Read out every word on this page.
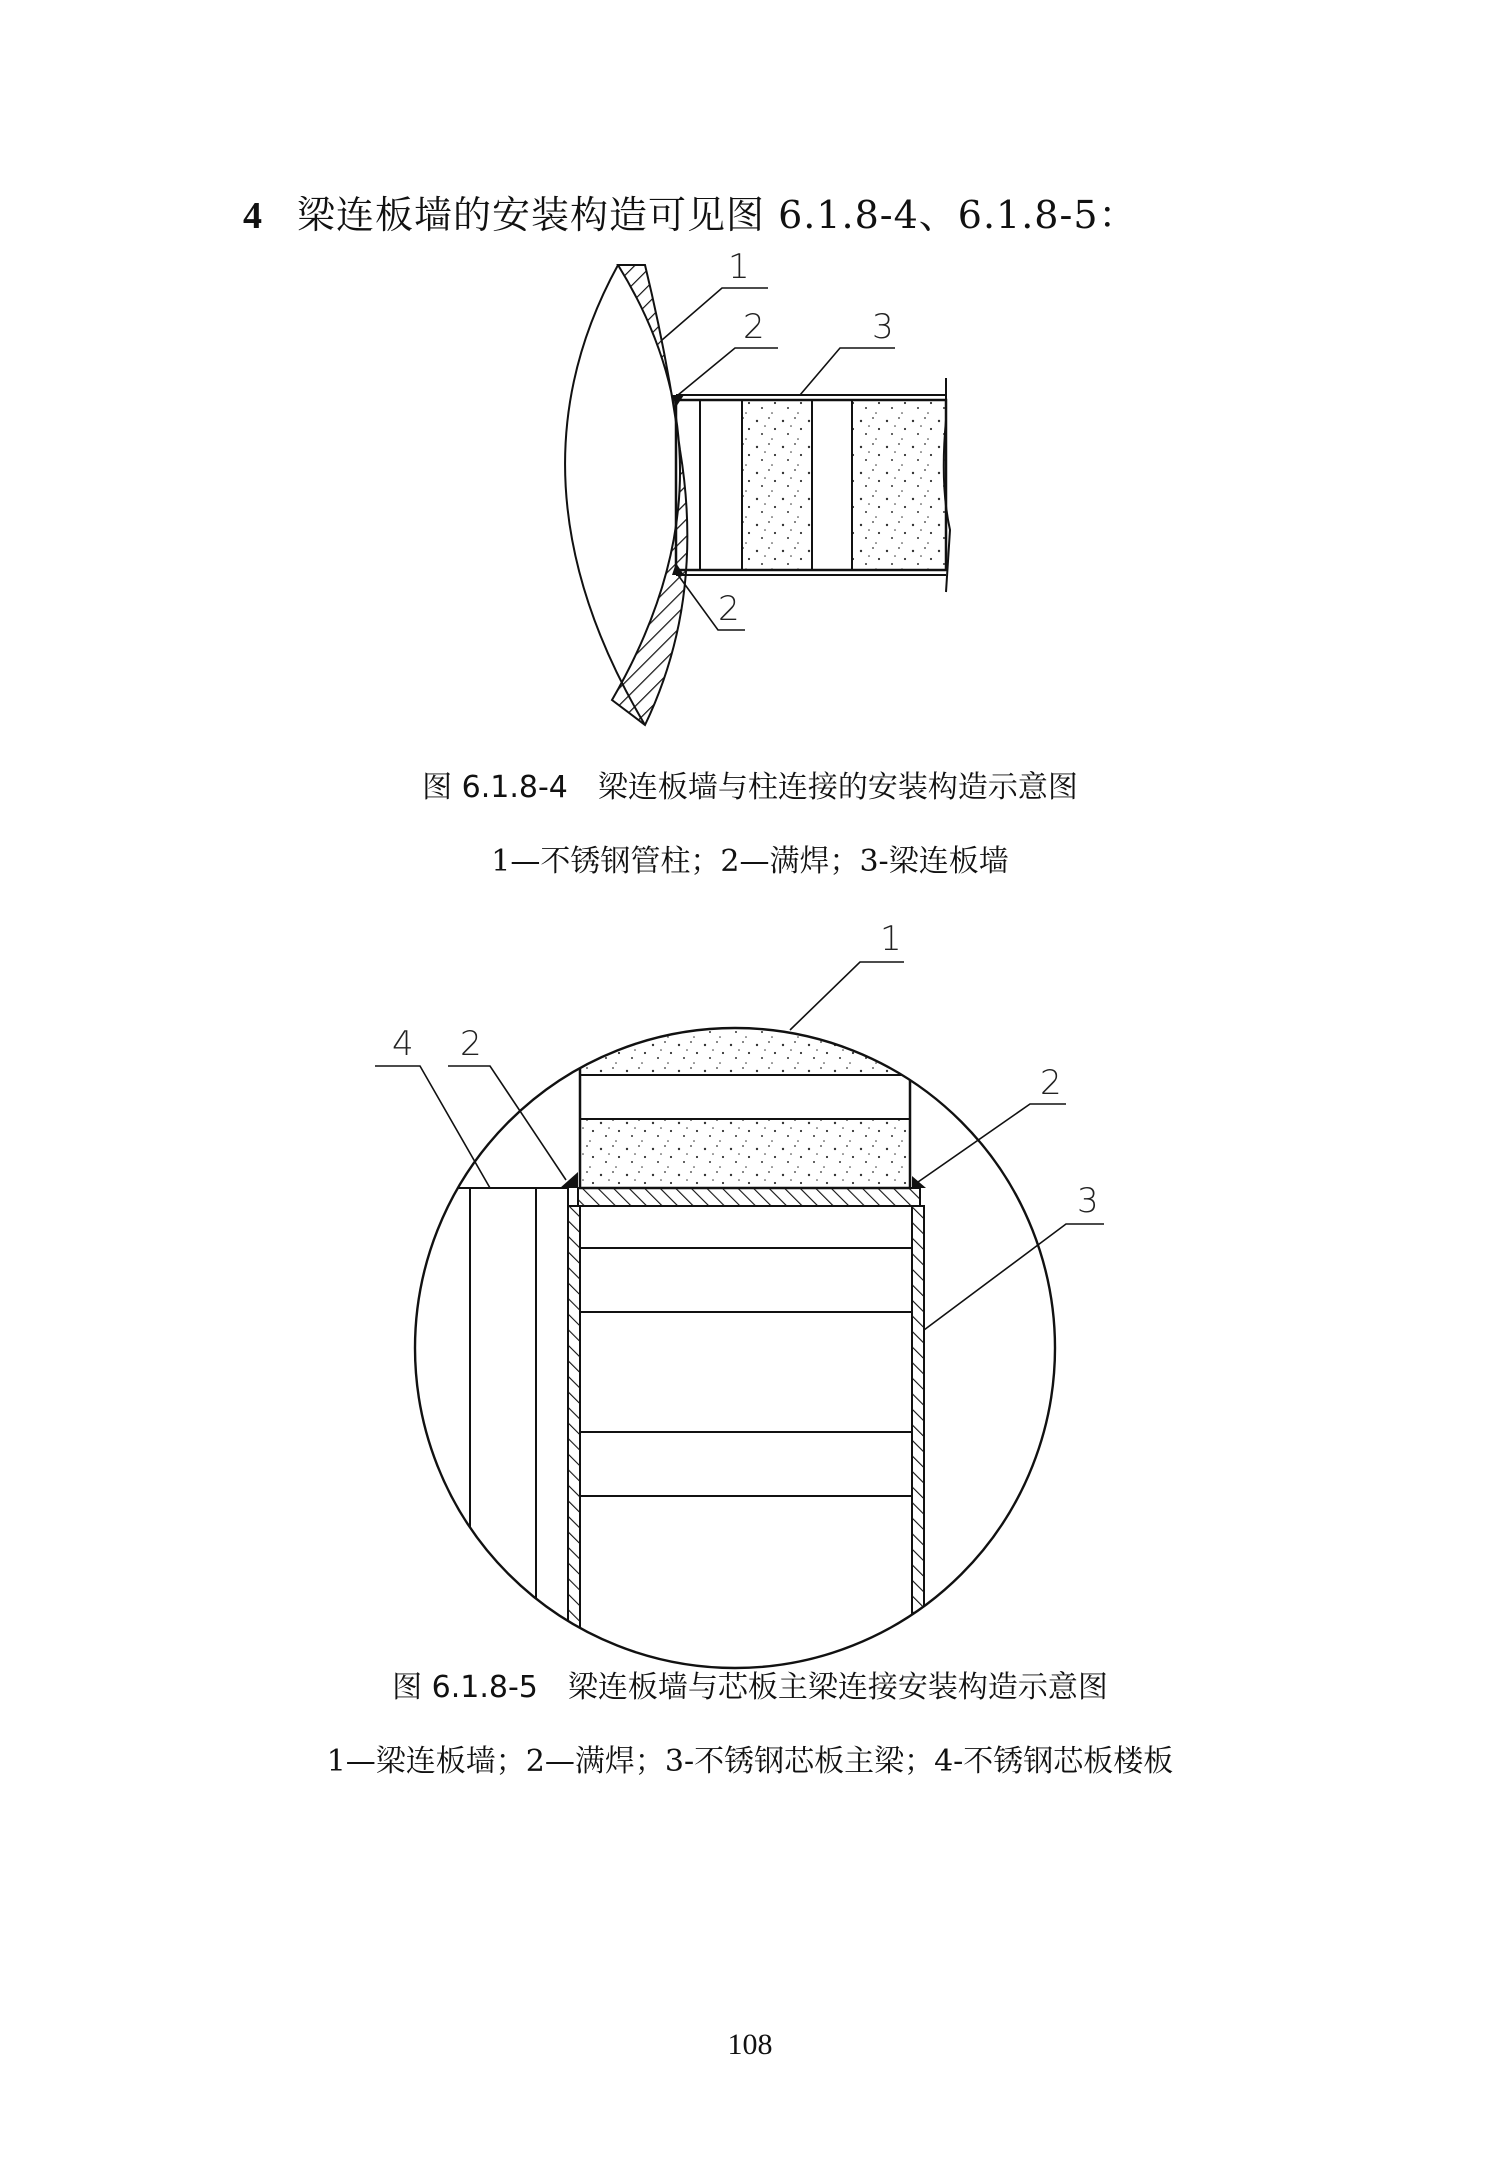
4 梁连板墙的安装构造可见图 6.1.8-4、6.1.8-5：
1
2	3
2
图 6.1.8-4　梁连板墙与柱连接的安装构造示意图
1—不锈钢管柱；2—满焊；3-梁连板墙
1
4 2
2
3
图 6.1.8-5　梁连板墙与芯板主梁连接安装构造示意图
1—梁连板墙；2—满焊；3-不锈钢芯板主梁；4-不锈钢芯板楼板
108
